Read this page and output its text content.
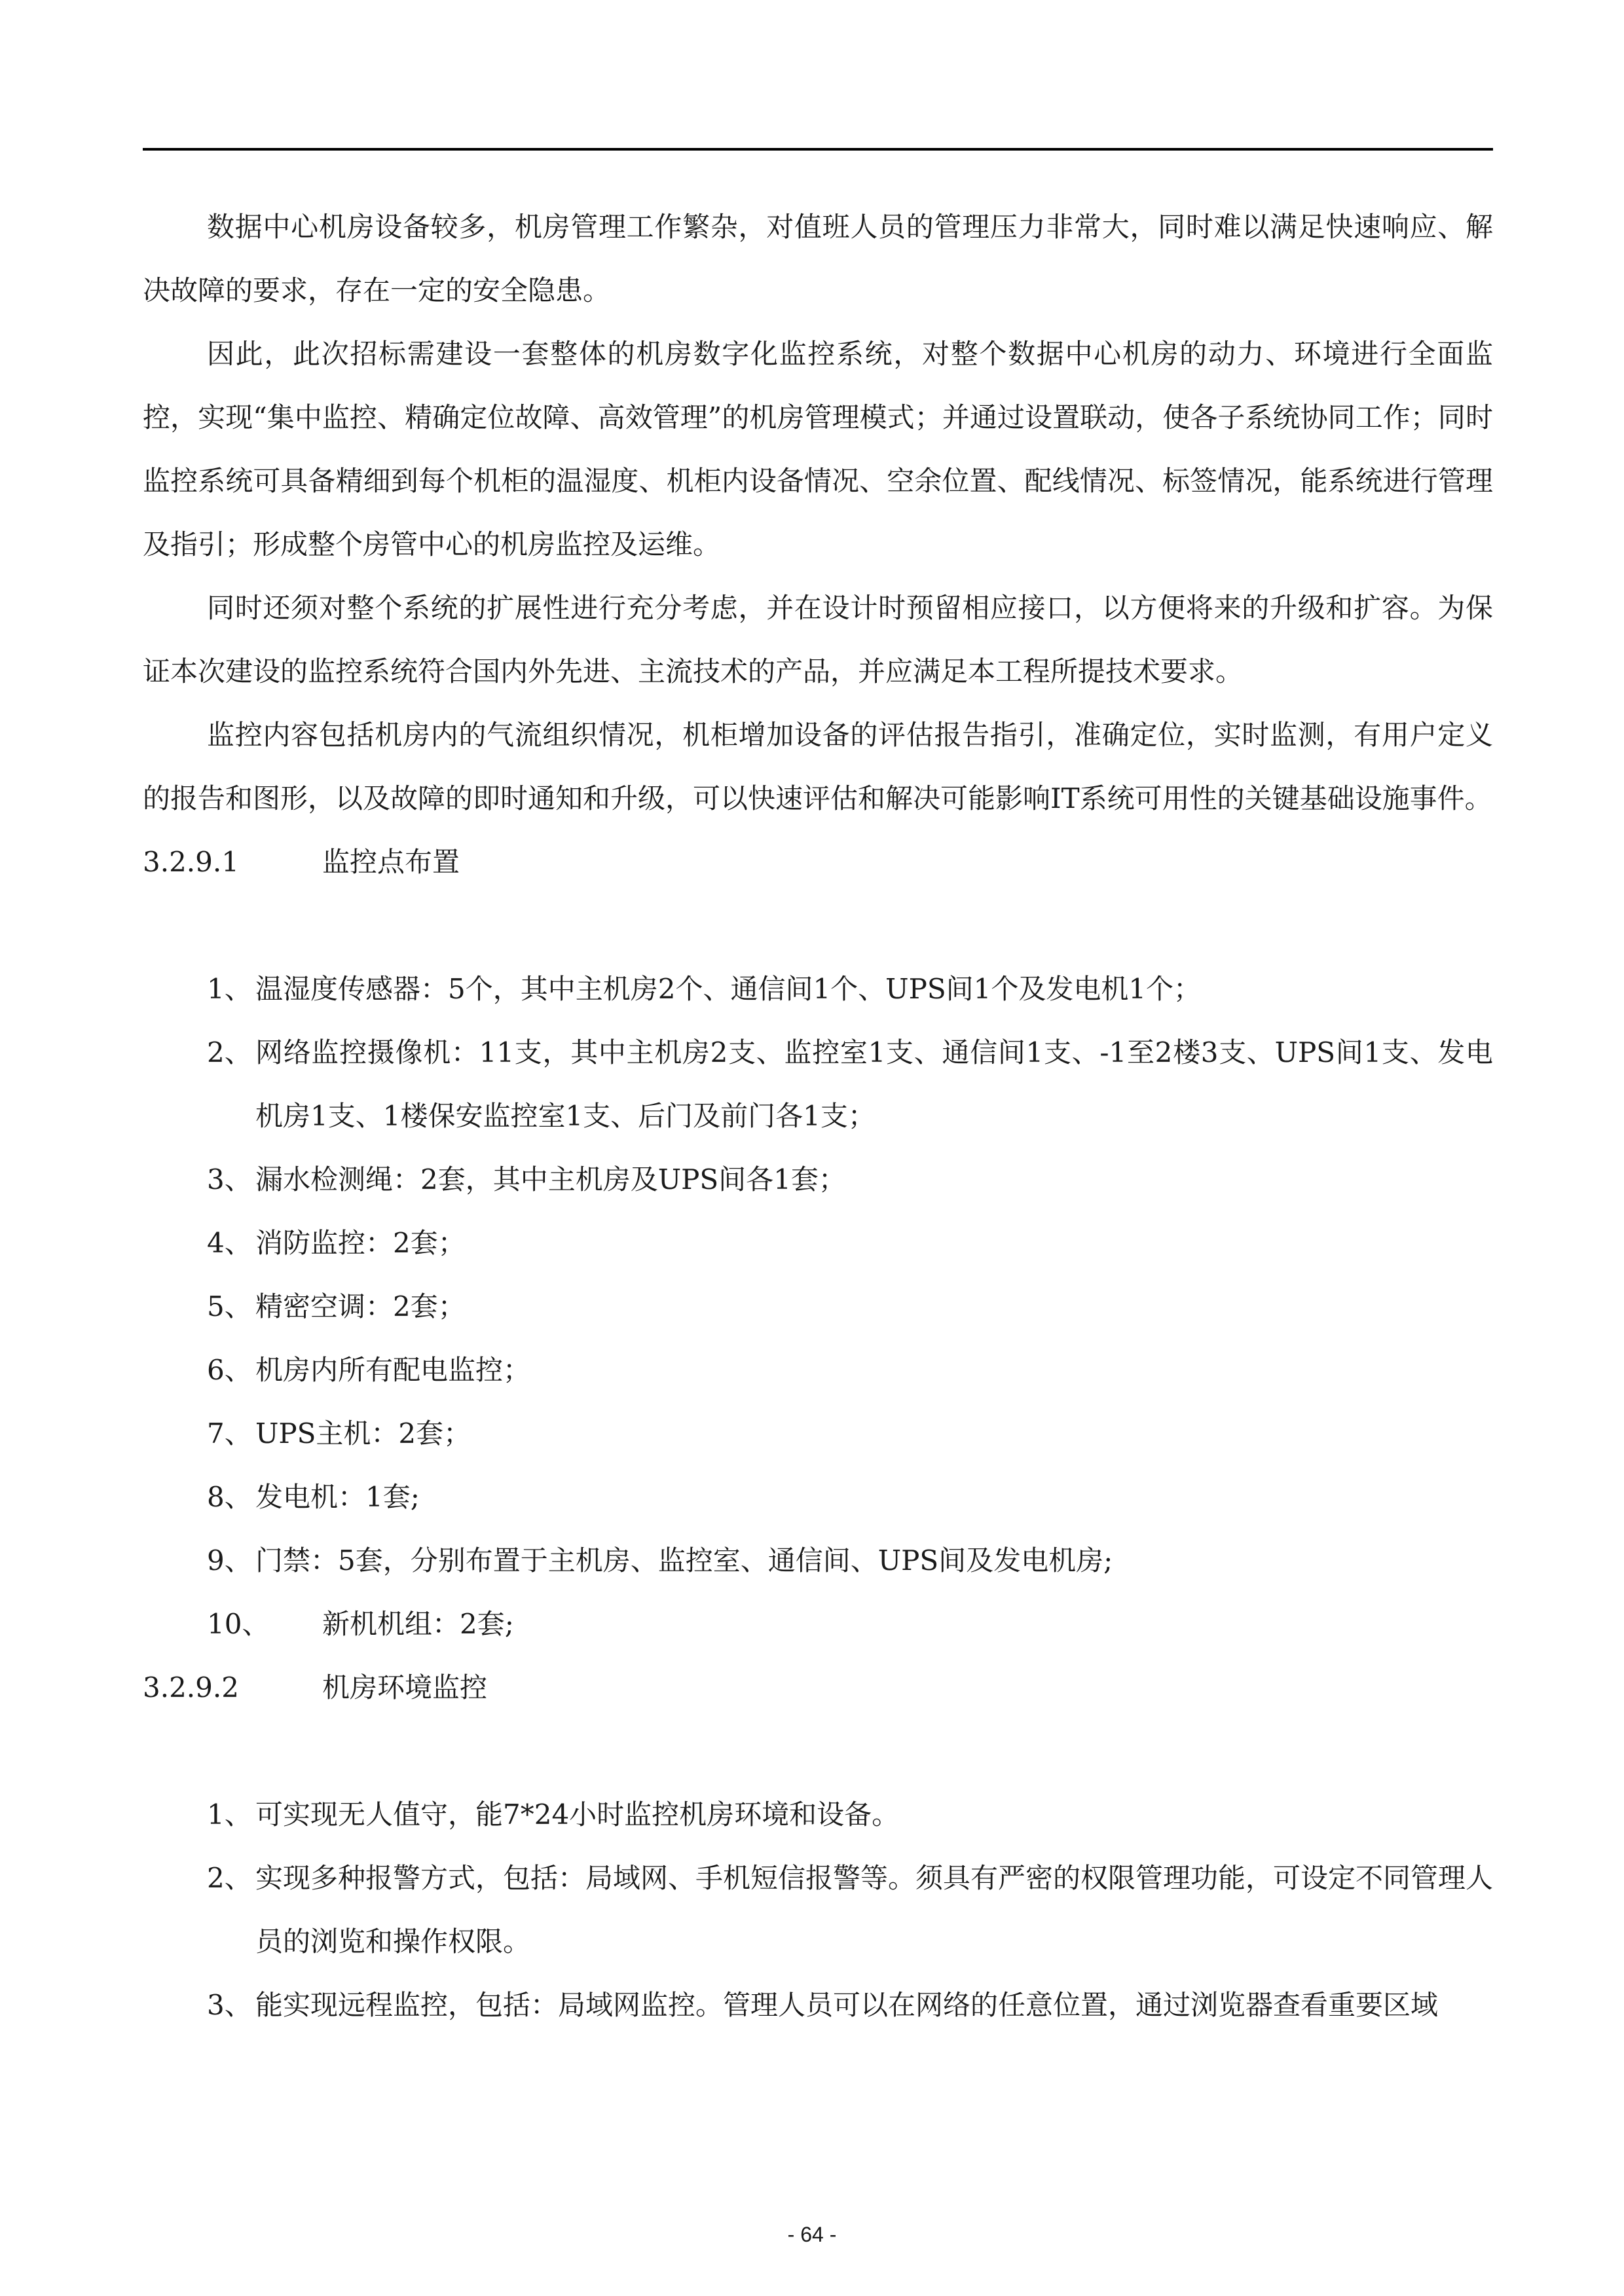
数据中心机房设备较多，机房管理工作繁杂，对值班人员的管理压力非常大，同时难以满足快速响应、解决故障的要求，存在一定的安全隐患。

因此，此次招标需建设一套整体的机房数字化监控系统，对整个数据中心机房的动力、环境进行全面监控，实现“集中监控、精确定位故障、高效管理”的机房管理模式；并通过设置联动，使各子系统协同工作；同时监控系统可具备精细到每个机柜的温湿度、机柜内设备情况、空余位置、配线情况、标签情况，能系统进行管理及指引；形成整个房管中心的机房监控及运维。

同时还须对整个系统的扩展性进行充分考虑，并在设计时预留相应接口，以方便将来的升级和扩容。为保证本次建设的监控系统符合国内外先进、主流技术的产品，并应满足本工程所提技术要求。

监控内容包括机房内的气流组织情况，机柜增加设备的评估报告指引，准确定位，实时监测，有用户定义的报告和图形，以及故障的即时通知和升级，可以快速评估和解决可能影响IT系统可用性的关键基础设施事件。

3.2.9.1	监控点布置
1、 温湿度传感器：5个，其中主机房2个、通信间1个、UPS间1个及发电机1个；
2、 网络监控摄像机：11支，其中主机房2支、监控室1支、通信间1支、-1至2楼3支、UPS间1支、发电机房1支、1楼保安监控室1支、后门及前门各1支；
3、 漏水检测绳：2套，其中主机房及UPS间各1套；
4、 消防监控：2套；
5、 精密空调：2套；
6、 机房内所有配电监控；
7、 UPS主机：2套；
8、 发电机：1套;
9、 门禁：5套，分别布置于主机房、监控室、通信间、UPS间及发电机房;
10、 新机机组：2套;
3.2.9.2	机房环境监控
1、 可实现无人值守，能7*24小时监控机房环境和设备。
2、 实现多种报警方式，包括：局域网、手机短信报警等。须具有严密的权限管理功能，可设定不同管理人员的浏览和操作权限。
3、 能实现远程监控，包括：局域网监控。管理人员可以在网络的任意位置，通过浏览器查看重要区域
- 64 -
